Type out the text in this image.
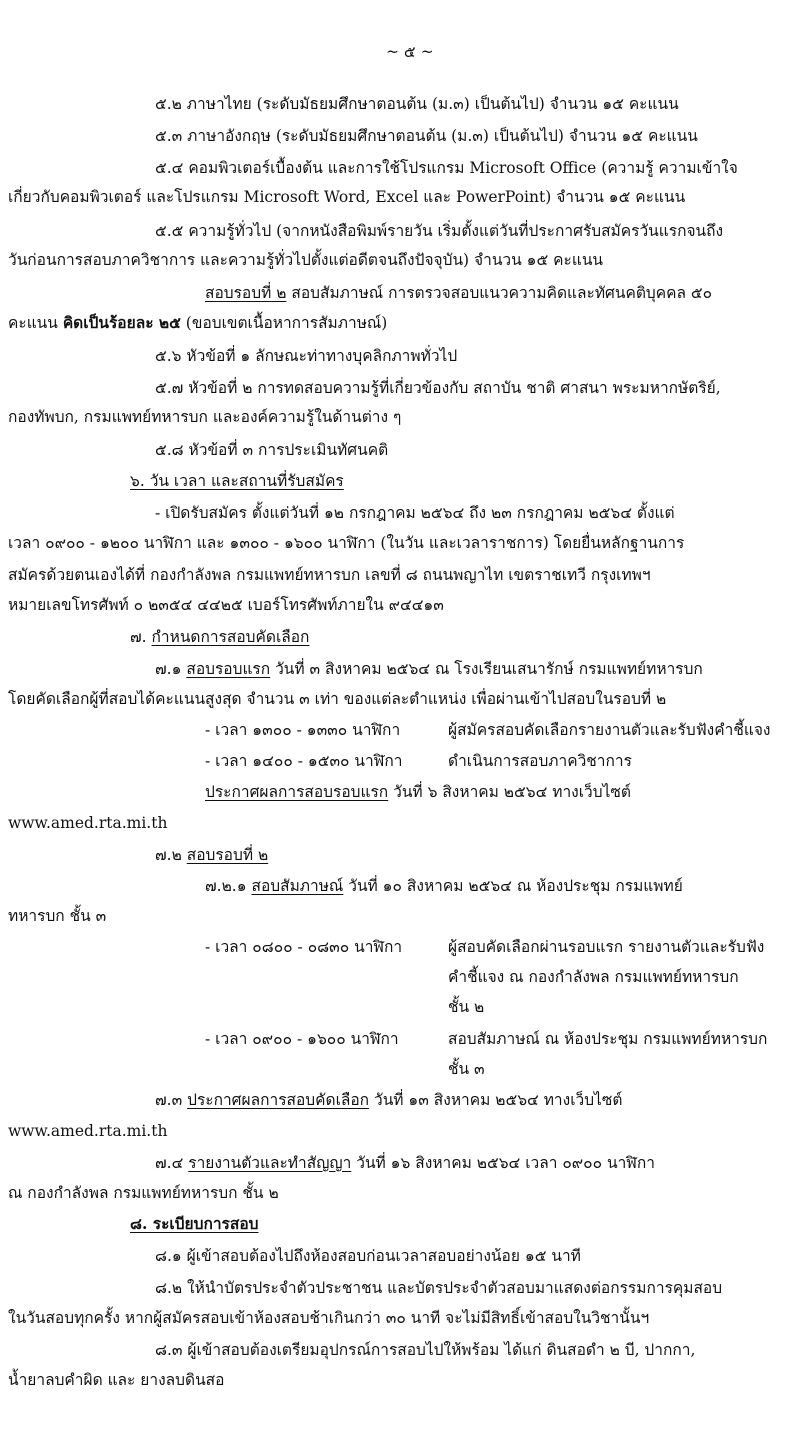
~ ๕ ~
๕.๒ ภาษาไทย (ระดับมัธยมศึกษาตอนต้น (ม.๓) เป็นต้นไป) จำนวน ๑๕ คะแนน
๕.๓ ภาษาอังกฤษ (ระดับมัธยมศึกษาตอนต้น (ม.๓) เป็นต้นไป) จำนวน ๑๕ คะแนน
๕.๔ คอมพิวเตอร์เบื้องต้น และการใช้โปรแกรม Microsoft Office (ความรู้ ความเข้าใจ
เกี่ยวกับคอมพิวเตอร์ และโปรแกรม Microsoft Word, Excel และ PowerPoint) จำนวน ๑๕ คะแนน
๕.๕ ความรู้ทั่วไป (จากหนังสือพิมพ์รายวัน เริ่มตั้งแต่วันที่ประกาศรับสมัครวันแรกจนถึง
วันก่อนการสอบภาควิชาการ และความรู้ทั่วไปตั้งแต่อดีตจนถึงปัจจุบัน) จำนวน ๑๕ คะแนน
สอบรอบที่ ๒ สอบสัมภาษณ์ การตรวจสอบแนวความคิดและทัศนคติบุคคล ๕๐
คะแนน คิดเป็นร้อยละ ๒๕ (ขอบเขตเนื้อหาการสัมภาษณ์)
๕.๖ หัวข้อที่ ๑ ลักษณะท่าทางบุคลิกภาพทั่วไป
๕.๗ หัวข้อที่ ๒ การทดสอบความรู้ที่เกี่ยวข้องกับ สถาบัน ชาติ ศาสนา พระมหากษัตริย์,
กองทัพบก, กรมแพทย์ทหารบก และองค์ความรู้ในด้านต่าง ๆ
๕.๘ หัวข้อที่ ๓ การประเมินทัศนคติ
๖. วัน เวลา และสถานที่รับสมัคร
- เปิดรับสมัคร ตั้งแต่วันที่ ๑๒ กรกฎาคม ๒๕๖๔ ถึง ๒๓ กรกฎาคม ๒๕๖๔ ตั้งแต่
เวลา ๐๙๐๐ - ๑๒๐๐ นาฬิกา และ ๑๓๐๐ - ๑๖๐๐ นาฬิกา (ในวัน และเวลาราชการ) โดยยื่นหลักฐานการ
สมัครด้วยตนเองได้ที่ กองกำลังพล กรมแพทย์ทหารบก เลขที่ ๘ ถนนพญาไท เขตราชเทวี กรุงเทพฯ
หมายเลขโทรศัพท์ ๐ ๒๓๕๔ ๔๔๒๕ เบอร์โทรศัพท์ภายใน ๙๔๔๑๓
๗. กำหนดการสอบคัดเลือก
๗.๑ สอบรอบแรก วันที่ ๓ สิงหาคม ๒๕๖๔ ณ โรงเรียนเสนารักษ์ กรมแพทย์ทหารบก
โดยคัดเลือกผู้ที่สอบได้คะแนนสูงสุด จำนวน ๓ เท่า ของแต่ละตำแหน่ง เพื่อผ่านเข้าไปสอบในรอบที่ ๒
- เวลา ๑๓๐๐ - ๑๓๓๐ นาฬิกา	ผู้สมัครสอบคัดเลือกรายงานตัวและรับฟังคำชี้แจง
- เวลา ๑๔๐๐ - ๑๕๓๐ นาฬิกา	ดำเนินการสอบภาควิชาการ
ประกาศผลการสอบรอบแรก วันที่ ๖ สิงหาคม ๒๕๖๔ ทางเว็บไซต์
www.amed.rta.mi.th
๗.๒ สอบรอบที่ ๒
๗.๒.๑ สอบสัมภาษณ์ วันที่ ๑๐ สิงหาคม ๒๕๖๔ ณ ห้องประชุม กรมแพทย์
ทหารบก ชั้น ๓
- เวลา ๐๘๐๐ - ๐๘๓๐ นาฬิกา	ผู้สอบคัดเลือกผ่านรอบแรก รายงานตัวและรับฟัง
คำชี้แจง ณ กองกำลังพล กรมแพทย์ทหารบก
ชั้น ๒
- เวลา ๐๙๐๐ - ๑๖๐๐ นาฬิกา	สอบสัมภาษณ์ ณ ห้องประชุม กรมแพทย์ทหารบก
ชั้น ๓
๗.๓ ประกาศผลการสอบคัดเลือก วันที่ ๑๓ สิงหาคม ๒๕๖๔ ทางเว็บไซต์
www.amed.rta.mi.th
๗.๔ รายงานตัวและทำสัญญา วันที่ ๑๖ สิงหาคม ๒๕๖๔ เวลา ๐๙๐๐ นาฬิกา
ณ กองกำลังพล กรมแพทย์ทหารบก ชั้น ๒
๘. ระเบียบการสอบ
๘.๑ ผู้เข้าสอบต้องไปถึงห้องสอบก่อนเวลาสอบอย่างน้อย ๑๕ นาที
๘.๒ ให้นำบัตรประจำตัวประชาชน และบัตรประจำตัวสอบมาแสดงต่อกรรมการคุมสอบ
ในวันสอบทุกครั้ง หากผู้สมัครสอบเข้าห้องสอบช้าเกินกว่า ๓๐ นาที จะไม่มีสิทธิ์เข้าสอบในวิชานั้นฯ
๘.๓ ผู้เข้าสอบต้องเตรียมอุปกรณ์การสอบไปให้พร้อม ได้แก่ ดินสอดำ ๒ บี, ปากกา,
น้ำยาลบคำผิด และ ยางลบดินสอ
